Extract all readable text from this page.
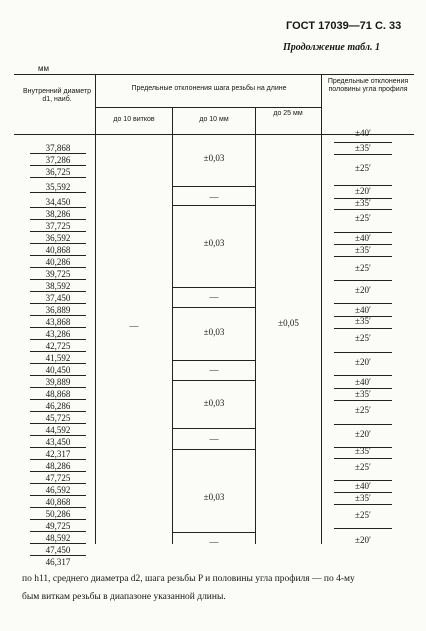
ГОСТ 17039—71 С. 33
Продолжение табл. 1
мм
Внутренний диаметр d1, наиб.
Предельные отклонения шага резьбы на длине
до 10 витков	до 10 мм
до 25 мм
Предельные отклонения половины угла профиля
37,868
37,286
36,725
35,592
34,450
38,286
37,725
36,592
40,868
40,286
39,725
38,592
37,450
36,889
43,868
43,286
42,725
41,592
40,450
39,889
48,868
46,286
45,725
44,592
43,450
42,317
48,286
47,725
46,592
40,868
50,286
49,725
48,592
47,450
46,317
—
±0,03
—
±0,03
—
±0,03
—
±0,03
—
±0,03
—
±0,05
±40′
±35′
±25′
±20′
±35′
±25′
±40′
±35′
±25′
±20′
±40′
±35′
±25′
±20′
±40′
±35′
±25′
±20′
±35′
±25′
±40′
±35′
±25′
±20′
по h11, среднего диаметра d2, шага резьбы P и половины угла профиля — по 4-му
бым виткам резьбы в диапазоне указанной длины.
